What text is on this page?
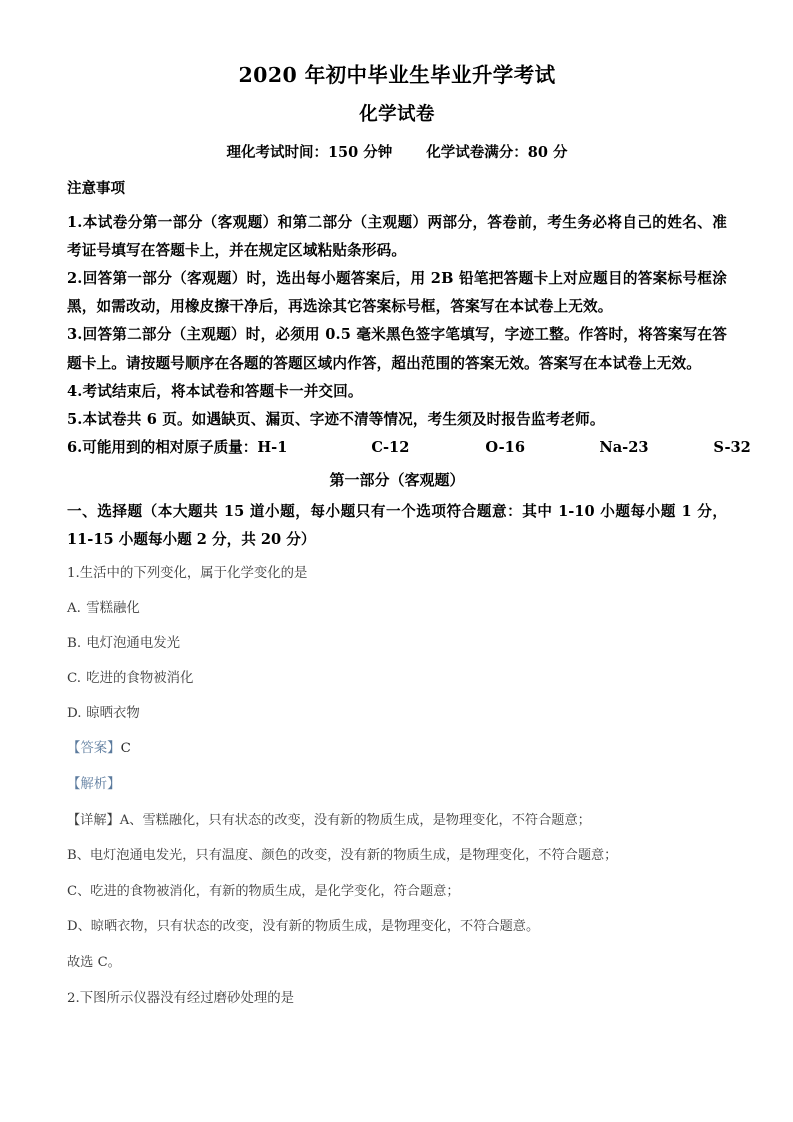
2020 年初中毕业生毕业升学考试
化学试卷

理化考试时间：150 分钟 化学试卷满分：80 分

注意事项

1.本试卷分第一部分（客观题）和第二部分（主观题）两部分，答卷前，考生务必将自己的姓名、准考证号填写在答题卡上，并在规定区域粘贴条形码。

2.回答第一部分（客观题）时，选出每小题答案后，用 2B 铅笔把答题卡上对应题目的答案标号框涂黑，如需改动，用橡皮擦干净后，再选涂其它答案标号框，答案写在本试卷上无效。

3.回答第二部分（主观题）时，必须用 0.5 毫米黑色签字笔填写，字迹工整。作答时，将答案写在答题卡上。请按题号顺序在各题的答题区域内作答，超出范围的答案无效。答案写在本试卷上无效。

4.考试结束后，将本试卷和答题卡一并交回。

5.本试卷共 6 页。如遇缺页、漏页、字迹不清等情况，考生须及时报告监考老师。

6.可能用到的相对原子质量：H-1	C-12	O-16	Na-23	S-32

第一部分（客观题）

一、选择题（本大题共 15 道小题，每小题只有一个选项符合题意：其中 1-10 小题每小题 1 分，11-15 小题每小题 2 分，共 20 分）

1.生活中的下列变化，属于化学变化的是

A. 雪糕融化

B. 电灯泡通电发光

C. 吃进的食物被消化

D. 晾晒衣物

【答案】C

【解析】

【详解】A、雪糕融化，只有状态的改变，没有新的物质生成，是物理变化，不符合题意；

B、电灯泡通电发光，只有温度、颜色的改变，没有新的物质生成，是物理变化，不符合题意；

C、吃进的食物被消化，有新的物质生成，是化学变化，符合题意；

D、晾晒衣物，只有状态的改变，没有新的物质生成，是物理变化，不符合题意。

故选 C。

2.下图所示仪器没有经过磨砂处理的是
